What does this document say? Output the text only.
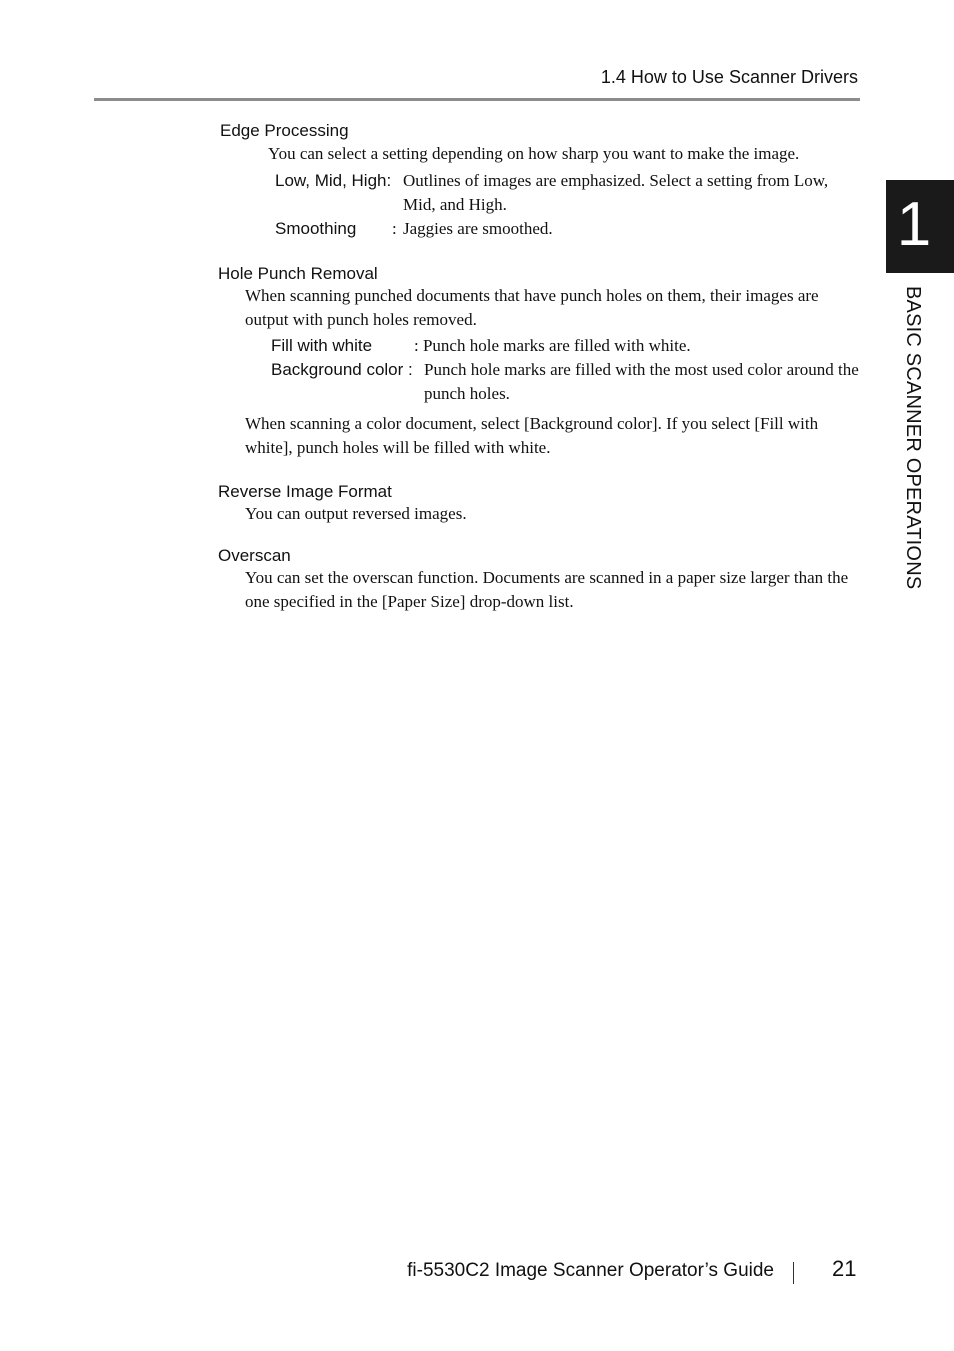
1.4 How to Use Scanner Drivers
1
BASIC SCANNER OPERATIONS
Edge Processing
You can select a setting depending on how sharp you want to make the image.
Low, Mid, High: Outlines of images are emphasized. Select a setting from Low, Mid, and High.
Smoothing : Jaggies are smoothed.
Hole Punch Removal
When scanning punched documents that have punch holes on them, their images are output with punch holes removed.
Fill with white : Punch hole marks are filled with white.
Background color : Punch hole marks are filled with the most used color around the punch holes.
When scanning a color document, select [Background color]. If you select [Fill with white], punch holes will be filled with white.
Reverse Image Format
You can output reversed images.
Overscan
You can set the overscan function. Documents are scanned in a paper size larger than the one specified in the [Paper Size] drop-down list.
fi-5530C2 Image Scanner Operator’s Guide	21
